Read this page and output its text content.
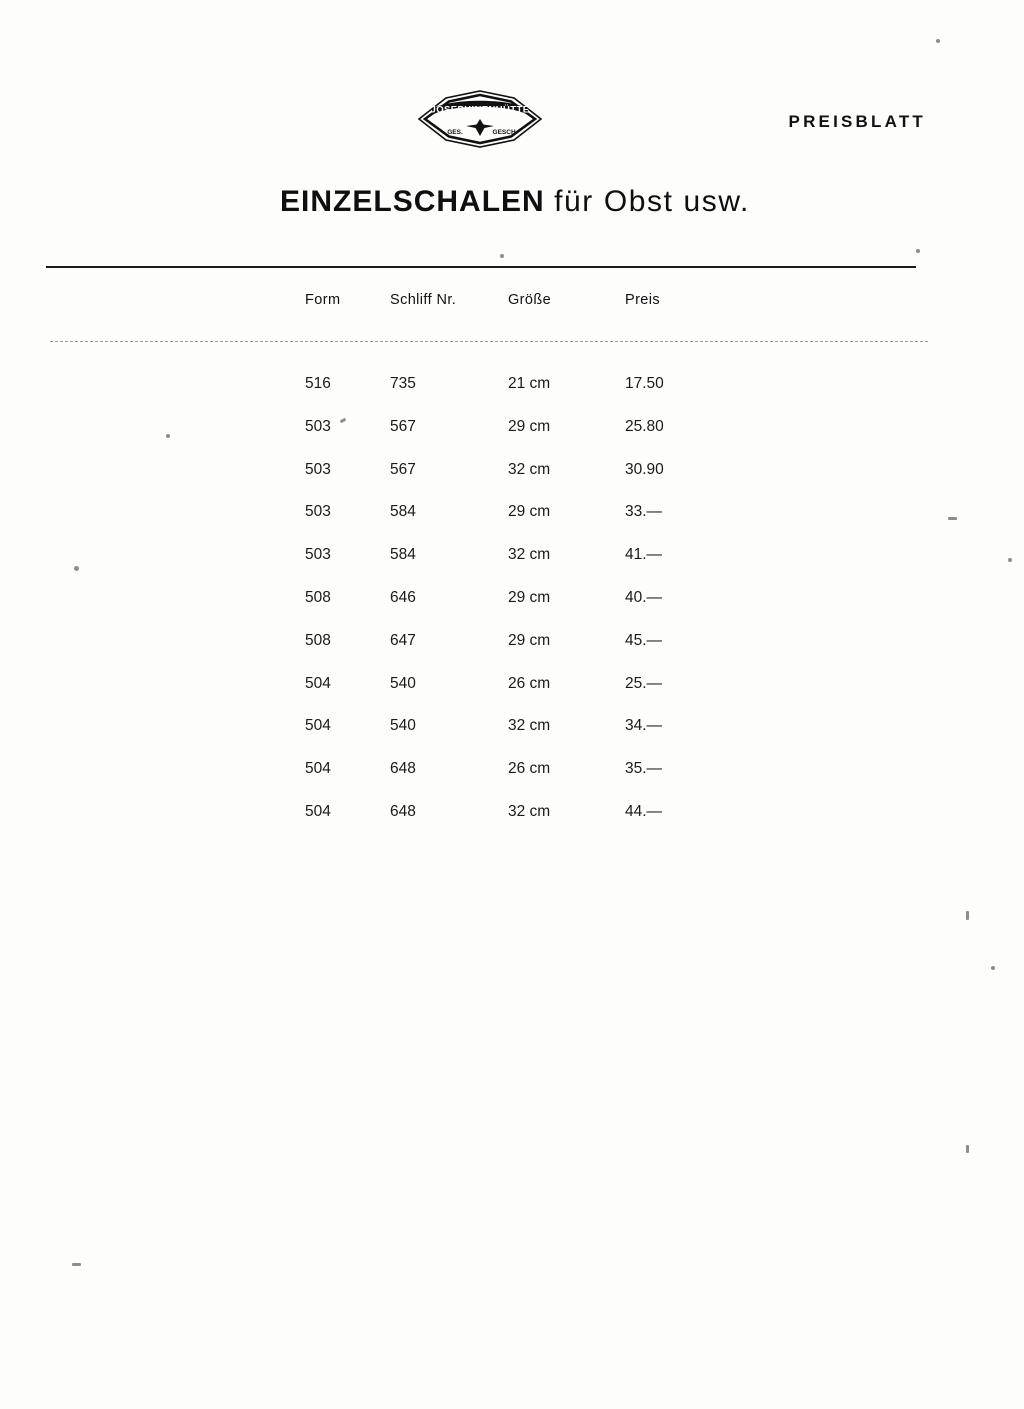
JOSEPHINENHÜTTE
GES.	GESCH.
PREISBLATT
EINZELSCHALEN für Obst usw.
Form	Schliff Nr.	Größe	Preis
516	735	21 cm	17.50
503	567	29 cm	25.80
503	567	32 cm	30.90
503	584	29 cm	33.—
503	584	32 cm	41.—
508	646	29 cm	40.—
508	647	29 cm	45.—
504	540	26 cm	25.—
504	540	32 cm	34.—
504	648	26 cm	35.—
504	648	32 cm	44.—
